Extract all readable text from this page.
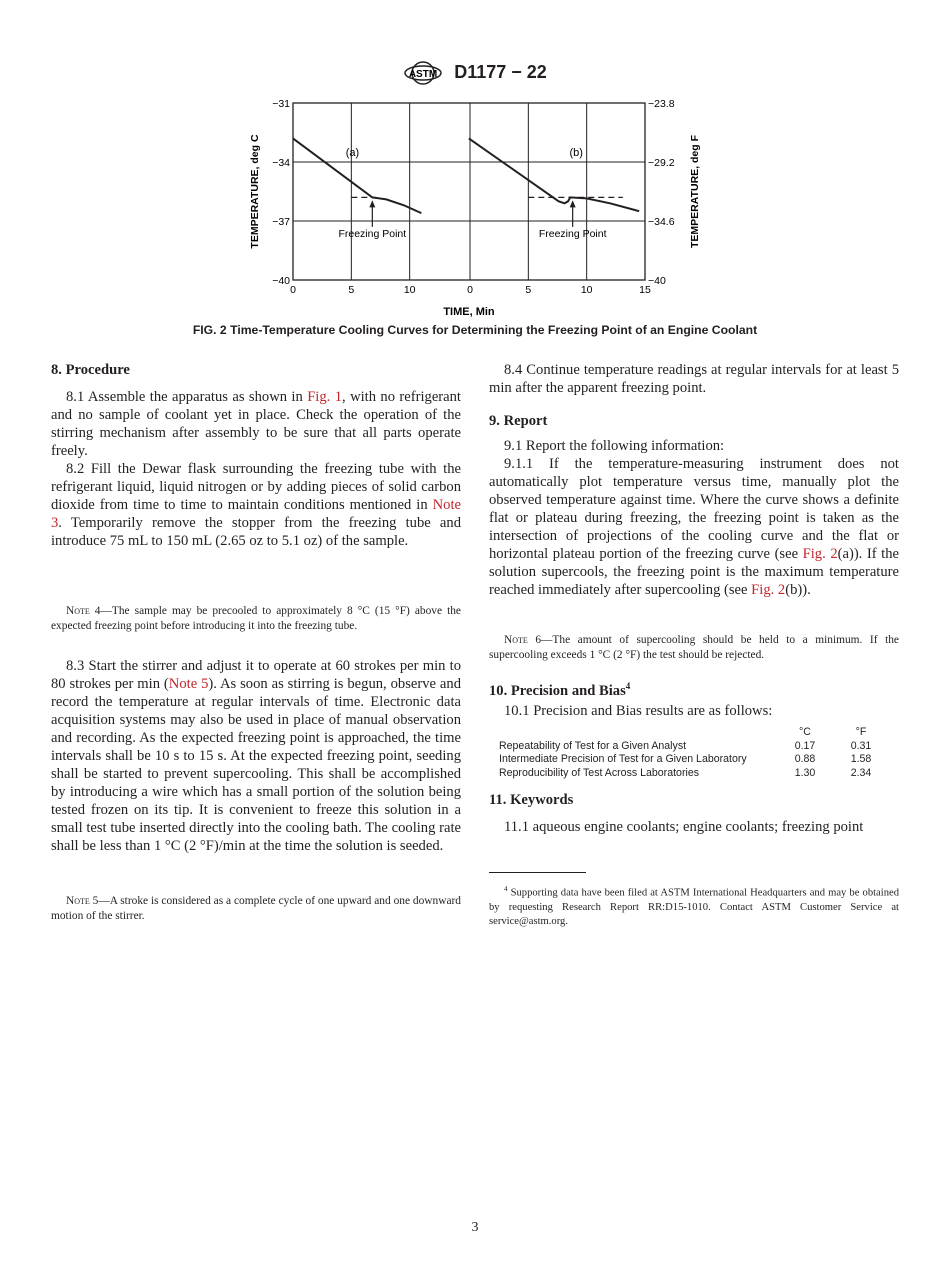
ASTM D1177 − 22
−31
−34
−37
−40
−23.8
−29.2
−34.6
−40
0	5	10	0	5	10	15
TIME, Min
TEMPERATURE, deg C	TEMPERATURE, deg F
(a)
Freezing Point
(b)
Freezing Point
FIG. 2 Time-Temperature Cooling Curves for Determining the Freezing Point of an Engine Coolant
8. Procedure

8.1 Assemble the apparatus as shown in Fig. 1, with no refrigerant and no sample of coolant yet in place. Check the operation of the stirring mechanism after assembly to be sure that all parts operate freely.

8.2 Fill the Dewar flask surrounding the freezing tube with the refrigerant liquid, liquid nitrogen or by adding pieces of solid carbon dioxide from time to time to maintain conditions mentioned in Note 3. Temporarily remove the stopper from the freezing tube and introduce 75 mL to 150 mL (2.65 oz to 5.1 oz) of the sample.

Note 4—The sample may be precooled to approximately 8 °C (15 °F) above the expected freezing point before introducing it into the freezing tube.

8.3 Start the stirrer and adjust it to operate at 60 strokes per min to 80 strokes per min (Note 5). As soon as stirring is begun, observe and record the temperature at regular intervals of time. Electronic data acquisition systems may also be used in place of manual observation and recording. As the expected freezing point is approached, the time intervals shall be 10 s to 15 s. At the expected freezing point, seeding shall be started to prevent supercooling. This shall be accomplished by introducing a wire which has a small portion of the solution being tested frozen on its tip. It is convenient to freeze this solution in a small test tube inserted directly into the cooling bath. The cooling rate shall be less than 1 °C (2 °F)/min at the time the solution is seeded.

Note 5—A stroke is considered as a complete cycle of one upward and one downward motion of the stirrer.

8.4 Continue temperature readings at regular intervals for at least 5 min after the apparent freezing point.

9. Report

9.1 Report the following information:

9.1.1 If the temperature-measuring instrument does not automatically plot temperature versus time, manually plot the observed temperature against time. Where the curve shows a definite flat or plateau during freezing, the freezing point is taken as the intersection of projections of the cooling curve and the flat or horizontal plateau portion of the freezing curve (see Fig. 2(a)). If the solution supercools, the freezing point is the maximum temperature reached immediately after supercooling (see Fig. 2(b)).

Note 6—The amount of supercooling should be held to a minimum. If the supercooling exceeds 1 °C (2 °F) the test should be rejected.
10. Precision and Bias$^4$

10.1 Precision and Bias results are as follows:

	°C	°F
Repeatability of Test for a Given Analyst	0.17	0.31
Intermediate Precision of Test for a Given Laboratory	0.88	1.58
Reproducibility of Test Across Laboratories	1.30	2.34
11. Keywords

11.1 aqueous engine coolants; engine coolants; freezing point

$^4$ Supporting data have been filed at ASTM International Headquarters and may be obtained by requesting Research Report RR:D15-1010. Contact ASTM Customer Service at service@astm.org.
3
